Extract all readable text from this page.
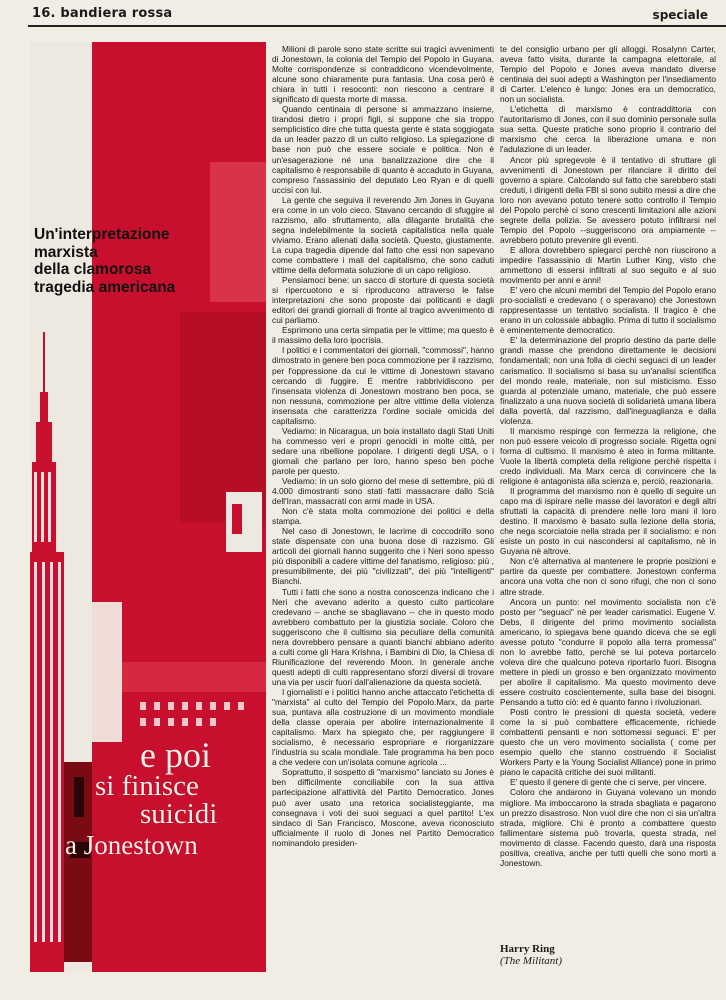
16. bandiera rossa	speciale
Un'interpretazione
marxista
della clamorosa
tragedia americana
e poi
si finisce
suicidi
a Jonestown

Milioni di parole sono state scritte sui tragici avvenimenti di Jonestown, la colonia del Tempio del Popolo in Guyana. Molte corrispondenze si contraddicono vicendevolmente, alcune sono chiaramente pura fantasia. Una cosa però è chiara in tutti i resoconti: non riescono a centrare il significato di questa morte di massa.

Quando centinaia di persone si ammazzano insieme, tirandosi dietro i propri figli, si suppone che sia troppo semplicistico dire che tutta questa gente è stata soggiogata da un leader pazzo di un culto religioso. La spiegazione di base non può che essere sociale e politica. Non è un'esagerazione né una banalizzazione dire che il capitalismo è responsabile di quanto è accaduto in Guyana, compreso l'assassinio del deputato Leo Ryan e di quelli uccisi con lui.

La gente che seguiva il reverendo Jim Jones in Guyana era come in un volo cieco. Stavano cercando di sfuggire al razzismo, allo sfruttamento, alla dilagante brutalità che segna indelebilmente la società capitalistica nella quale viviamo. Erano alienati dalla società. Questo, giustamente. La cupa tragedia dipende dal fatto che essi non sapevano come combattere i mali del capitalismo, che sono caduti vittime della deformata soluzione di un capo religioso.

Pensiamoci bene: un sacco di storture di questa società si ripercuotono e si riproducono attraverso le false interpretazioni che sono proposte dai politicanti e dagli editori dei grandi giornali di fronte al tragico avvenimento di cui parliamo.

Esprimono una certa simpatia per le vittime; ma questo è il massimo della loro ipocrisia.

I politici e i commentatori dei giornali, "commossi", hanno dimostrato in genere ben poca commozione per il razzismo, per l'oppressione da cui le vittime di Jonestown stavano cercando di fuggire. E mentre rabbrividiscono per l'insensata violenza di Jonestown mostrano ben poca, se non nessuna, commozione per altre vittime della violenza insensata che caratterizza l'ordine sociale omicida del capitalismo.

Vediamo: in Nicaragua, un boia installato dagli Stati Uniti ha commesso veri e propri genocidi in molte città, per sedare una ribellione popolare. I dirigenti degli USA, o i giornali che parlano per loro, hanno speso ben poche parole per questo.

Vediamo: in un solo giorno del mese di settembre, più di 4.000 dimostranti sono stati fatti massacrare dallo Scià dell'Iran, massacrati con armi made in USA.

Non c'è stata molta commozione dei politici e della stampa.

Nel caso di Jonestown, le lacrime di coccodrillo sono state dispensate con una buona dose di razzismo. Gli articoli dei giornali hanno suggerito che i Neri sono spesso più disponibili a cadere vittime del fanatismo, religioso: più , presumibilmente, dei più "civilizzati", dei più "intelligenti" Bianchi.

Tutti i fatti che sono a nostra conoscenza indicano che i Neri che avevano aderito a questo culto particolare credevano -- anche se sbagliavano -- che in questo modo avrebbero combattuto per la giustizia sociale. Coloro che suggeriscono che il cultismo sia peculiare della comunità nera dovrebbero pensare a quanti bianchi abbiano aderito a culti come gli Hara Krishna, i Bambini di Dio, la Chiesa di Riunificazione del reverendo Moon. In generale anche questi adepti di culti rappresentano sforzi diversi di trovare una via per uscir fuori dall'alienazione da questa società.

I giornalisti e i politici hanno anche attaccato l'etichetta di "marxista" al culto del Tempio del Popolo.Marx, da parte sua, puntava alla costruzione di un movimento mondiale della classe operaia per abolire internazionalmente il capitalismo. Marx ha spiegato che, per raggiungere il socialismo, è necessario espropriare e riorganizzare l'industria su scala mondiale. Tale programma ha ben poco a che vedere con un'isolata comune agricola ...

Soprattutto, il sospetto di "marxismo" lanciato su Jones è ben difficilmente conciliabile con la sua attiva partecipazione all'attività del Partito Democratico. Jones può aver usato una retorica socialisteggiante, ma consegnava i voti dei suoi seguaci a quel partito! L'ex sindaco di San Francisco, Moscone, aveva riconosciuto ufficialmente il ruolo di Jones nel Partito Democratico nominandolo presiden-

te del consiglio urbano per gli alloggi. Rosalynn Carter, aveva fatto visita, durante la campagna elettorale, al Tempio del Popolo e Jones aveva mandato diverse centinaia dei suoi adepti a Washington per l'insediamento di Carter. L'elenco è lungo: Jones era un democratico, non un socialista.

L'etichetta di marxismo è contraddittoria con l'autoritarismo di Jones, con il suo dominio personale sulla sua setta. Queste pratiche sono proprio il contrario del marxismo che cerca la liberazione umana e non l'adulazione di un leader.

Ancor più spregevole è il tentativo di sfruttare gli avvenimenti di Jonestown per rilanciare il diritto del governo a spiare. Calcolando sul fatto che sarebbero stati creduti, i dirigenti della FBI si sono subito messi a dire che loro non avevano potuto tenere sotto controllo il Tempio del Popolo perchè ci sono crescenti limitazioni alle azioni segrete della polizia. Se avessero potuto infiltrarsi nel Tempio del Popolo --suggeriscono ora ampiamente -- avrebbero potuto prevenire gli eventi.

E allora dovrebbero spiegarci perchè non riuscirono a impedire l'assassinio di Martin Luther King, visto che ammettono di essersi infiltrati al suo seguito e al suo movimento per anni e anni!

E' vero che alcuni membri del Tempio del Popolo erano pro-socialisti e credevano ( o speravano) che Jonestown rappresentasse un tentativo socialista. Il tragico è che erano in un colossale abbaglio. Prima di tutto il socialismo è eminentemente democratico.

E' la determinazione del proprio destino da parte delle grandi masse che prendono direttamente le decisioni fondamentali; non una folla di ciechi seguaci di un leader carismatico. Il socialismo si basa su un'analisi scientifica del mondo reale, materiale, non sul misticismo. Esso guarda al potenziale umano, materiale, che può essere finalizzato a una nuova società di solidarietà umana libera dalla povertà, dal razzismo, dall'ineguaglianza e dalla violenza.

Il marxismo respinge con fermezza la religione, che non può essere veicolo di progresso sociale. Rigetta ogni forma di cultismo. Il marxismo è ateo in forma militante. Vuole la libertà completa della religione perchè rispetta i credo individuali. Ma Marx cerca di convincere che la religione è antagonista alla scienza e, perciò, reazionaria.

Il programma del marxismo non è quello di seguire un capo ma di ispirare nelle masse dei lavoratori e degli altri sfruttati la capacità di prendere nelle loro mani il loro destino. Il marxismo è basato sulla lezione della storia, che nega scorciatoie nella strada per il socialismo: e non esiste un posto in cui nascondersi al capitalismo, nè in Guyana nè altrove.

Non c'è alternativa al mantenere le proprie posizioni e partire da queste per combattere. Jonestown conferma ancora una volta che non ci sono rifugi, che non ci sono altre strade.

Ancora un punto: nel movimento socialista non c'è posto per "seguaci" nè per leader carismatici. Eugene V. Debs, il dirigente del primo movimento socialista americano, lo spiegava bene quando diceva che se egli avesse potuto "condurre il popolo alla terra promessa" non lo avrebbe fatto, perchè se lui poteva portarcelo voleva dire che qualcuno poteva riportarlo fuori. Bisogna mettere in piedi un grosso e ben organizzato movimento per abolire il capitalismo. Ma questo movimento deve essere costruito coscientemente, sulla base dei bisogni. Pensando a tutto ciò: ed è quanto fanno i rivoluzionari.

Posti contro le pressioni di questa società, vedere come la si può combattere efficacemente, richiede combattenti pensanti e non sottomessi seguaci. E' per questo che un vero movimento socialista ( come per esempio quello che stanno costruendo il Socialist Workers Party e la Young Socialist Alliance) pone in primo piano le capacità critiche dei suoi militanti.

E' questo il genere di gente che ci serve, per vincere.

Coloro che andarono in Guyana volevano un mondo migliore. Ma imboccarono la strada sbagliata e pagarono un prezzo disastroso. Non vuol dire che non ci sia un'altra strada, migliore. Chi è pronto a combattere questo fallimentare sistema può trovarla, questa strada, nel movimento di classe. Facendo questo, darà una risposta positiva, creativa, anche per tutti quelli che sono morti a Jonestown.

Harry Ring
(The Militant)
